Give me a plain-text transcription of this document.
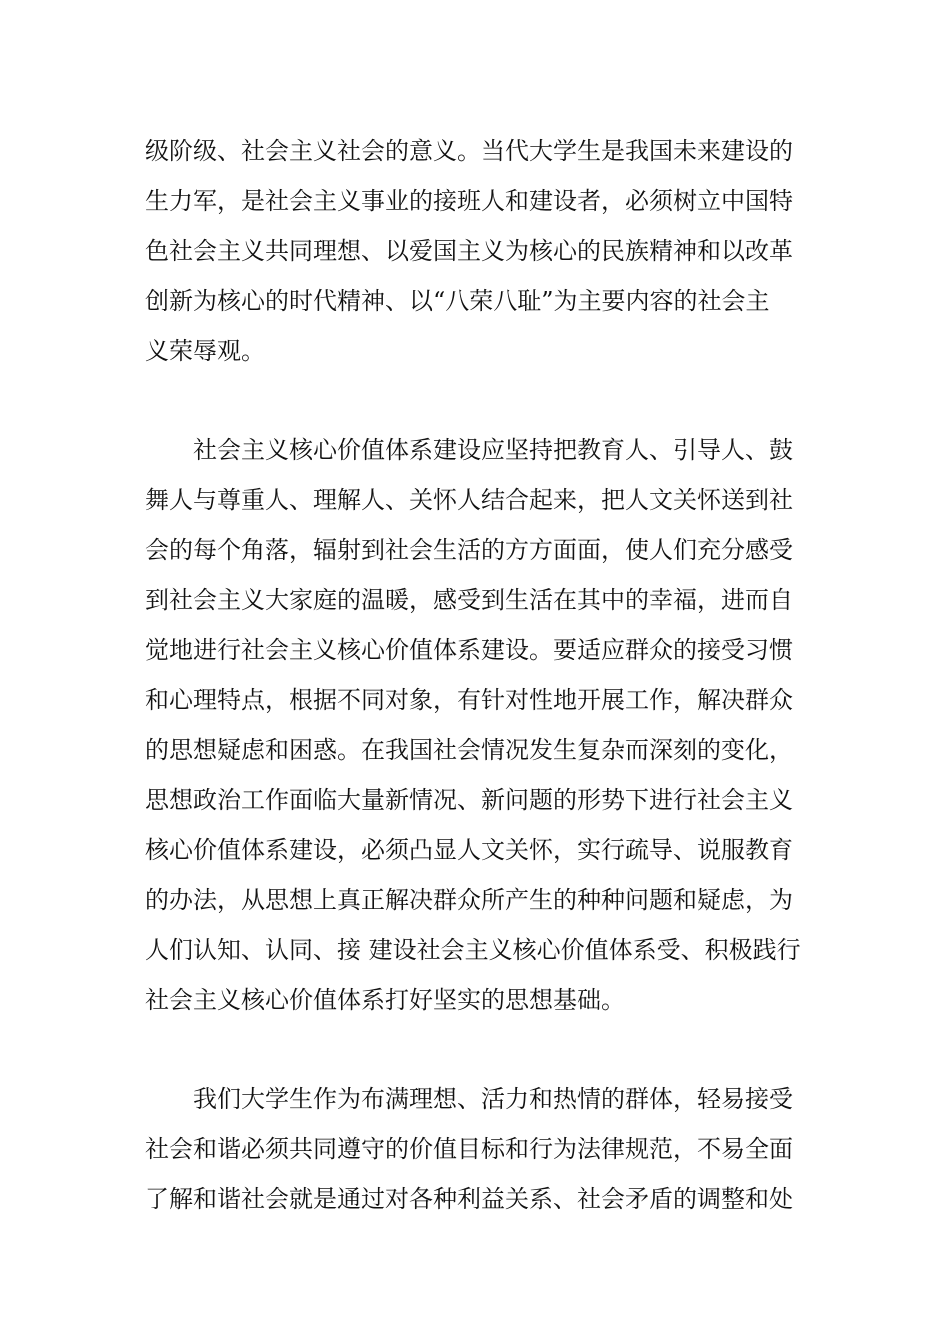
级阶级、社会主义社会的意义。当代大学生是我国未来建设的
生力军，是社会主义事业的接班人和建设者，必须树立中国特
色社会主义共同理想、以爱国主义为核心的民族精神和以改革
创新为核心的时代精神、以“八荣八耻”为主要内容的社会主
义荣辱观。
社会主义核心价值体系建设应坚持把教育人、引导人、鼓
舞人与尊重人、理解人、关怀人结合起来，把人文关怀送到社
会的每个角落，辐射到社会生活的方方面面，使人们充分感受
到社会主义大家庭的温暖，感受到生活在其中的幸福，进而自
觉地进行社会主义核心价值体系建设。要适应群众的接受习惯
和心理特点，根据不同对象，有针对性地开展工作，解决群众
的思想疑虑和困惑。在我国社会情况发生复杂而深刻的变化，
思想政治工作面临大量新情况、新问题的形势下进行社会主义
核心价值体系建设，必须凸显人文关怀，实行疏导、说服教育
的办法，从思想上真正解决群众所产生的种种问题和疑虑，为
人们认知、认同、接 建设社会主义核心价值体系受、积极践行
社会主义核心价值体系打好坚实的思想基础。
我们大学生作为布满理想、活力和热情的群体，轻易接受
社会和谐必须共同遵守的价值目标和行为法律规范，不易全面
了解和谐社会就是通过对各种利益关系、社会矛盾的调整和处
